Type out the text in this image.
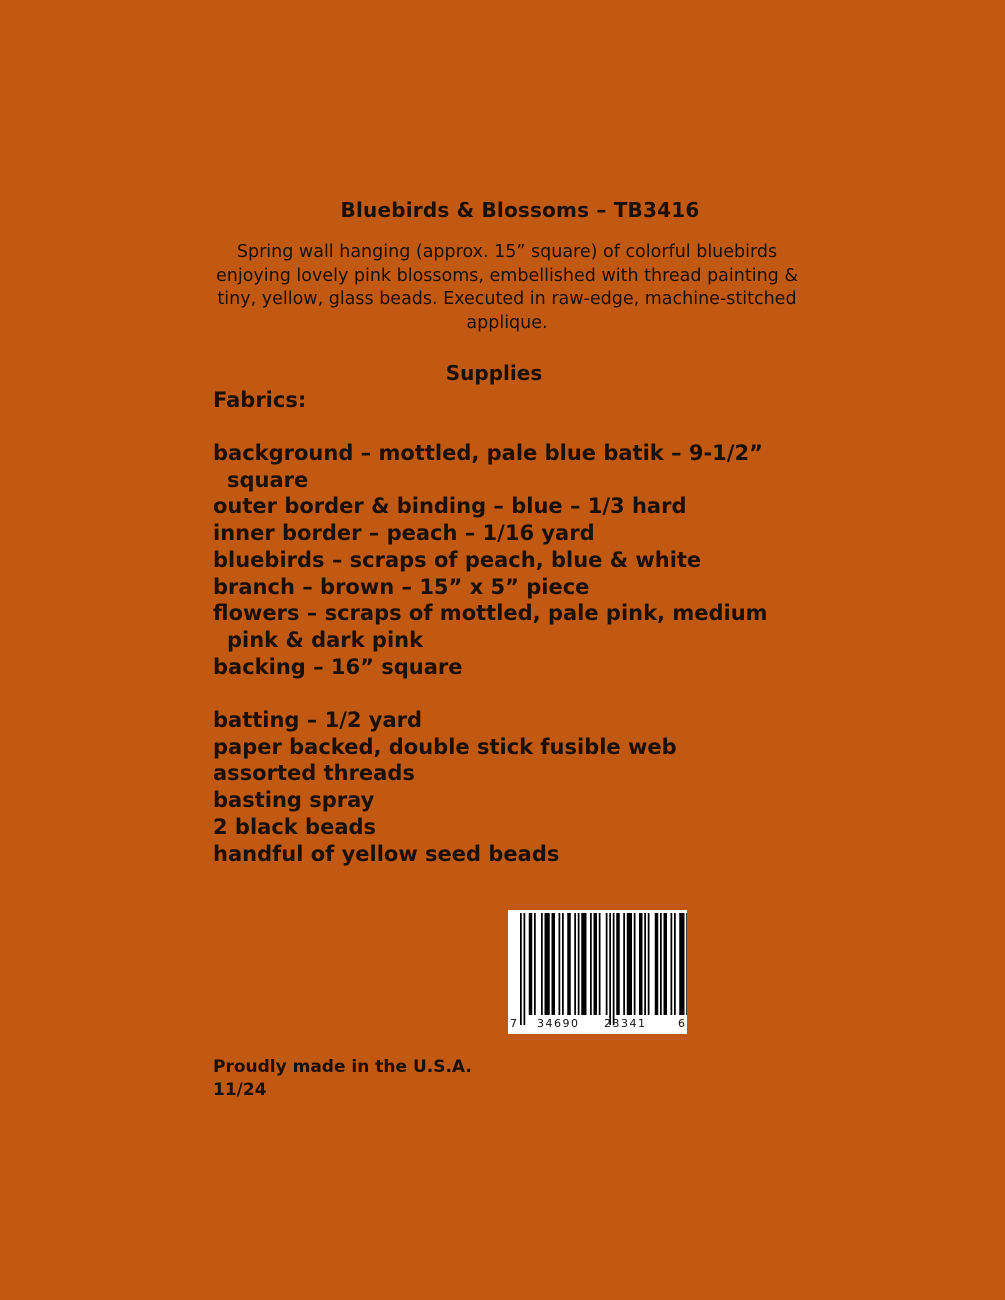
Bluebirds & Blossoms – TB3416
Spring wall hanging (approx. 15” square) of colorful bluebirds enjoying lovely pink blossoms, embellished with thread painting & tiny, yellow, glass beads. Executed in raw-edge, machine-stitched applique.
Supplies
Fabrics:
background – mottled, pale blue batik – 9-1/2” square
outer border & binding – blue – 1/3 hard
inner border – peach – 1/16 yard
bluebirds – scraps of peach, blue & white
branch – brown – 15” x 5” piece
flowers – scraps of mottled, pale pink, medium pink & dark pink
backing – 16” square
batting – 1/2 yard
paper backed, double stick fusible web
assorted threads
basting spray
2 black beads
handful of yellow seed beads
7 34690 23341	6
Proudly made in the U.S.A.
11/24
